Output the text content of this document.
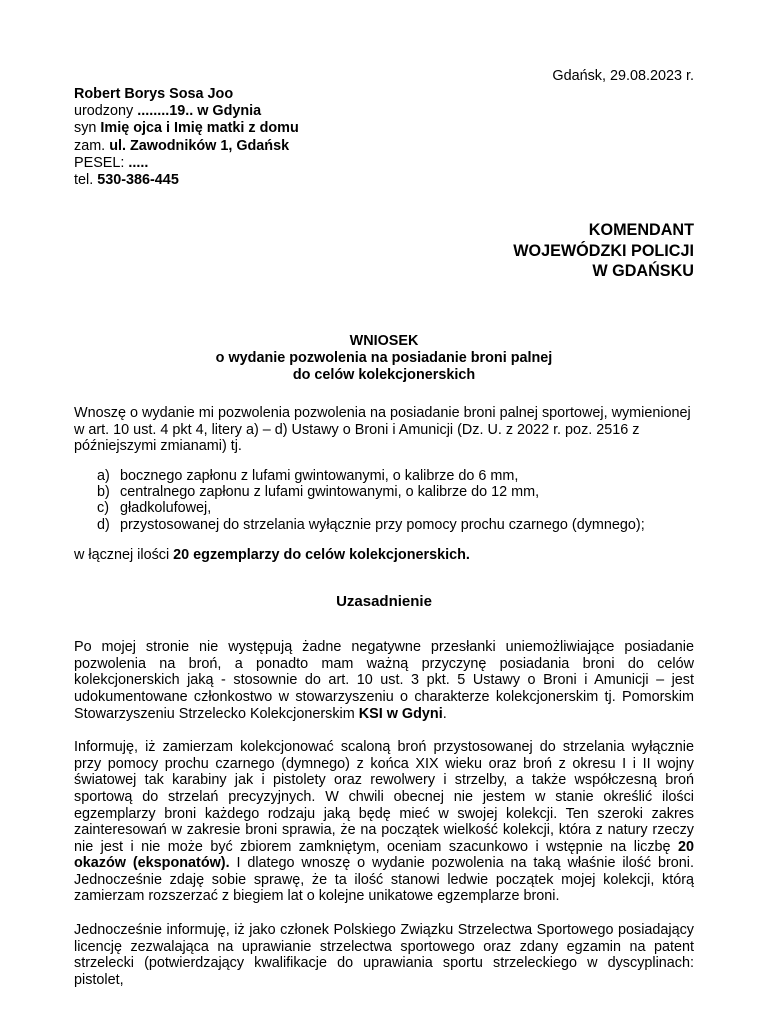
Gdańsk, 29.08.2023 r.
Robert Borys Sosa Joo
urodzony ........19.. w Gdynia
syn Imię ojca i Imię matki z domu
zam. ul. Zawodników 1, Gdańsk
PESEL: .....
tel. 530-386-445
KOMENDANT
WOJEWÓDZKI POLICJI
W GDAŃSKU
WNIOSEK
o wydanie pozwolenia na posiadanie broni palnej
do celów kolekcjonerskich

Wnoszę o wydanie mi pozwolenia pozwolenia na posiadanie broni palnej sportowej, wymienionej w art. 10 ust. 4 pkt 4, litery a) – d) Ustawy o Broni i Amunicji (Dz. U. z 2022 r. poz. 2516 z późniejszymi zmianami) tj.

a) bocznego zapłonu z lufami gwintowanymi, o kalibrze do 6 mm,
b) centralnego zapłonu z lufami gwintowanymi, o kalibrze do 12 mm,
c) gładkolufowej,
d) przystosowanej do strzelania wyłącznie przy pomocy prochu czarnego (dymnego);

w łącznej ilości 20 egzemplarzy do celów kolekcjonerskich.

Uzasadnienie

Po mojej stronie nie występują żadne negatywne przesłanki uniemożliwiające posiadanie pozwolenia na broń, a ponadto mam ważną przyczynę posiadania broni do celów kolekcjonerskich jaką - stosownie do art. 10 ust. 3 pkt. 5 Ustawy o Broni i Amunicji – jest udokumentowane członkostwo w stowarzyszeniu o charakterze kolekcjonerskim tj. Pomorskim Stowarzyszeniu Strzelecko Kolekcjonerskim KSI w Gdyni.

Informuję, iż zamierzam kolekcjonować scaloną broń przystosowanej do strzelania wyłącznie przy pomocy prochu czarnego (dymnego) z końca XIX wieku oraz broń z okresu I i II wojny światowej tak karabiny jak i pistolety oraz rewolwery i strzelby, a także współczesną broń sportową do strzelań precyzyjnych. W chwili obecnej nie jestem w stanie określić ilości egzemplarzy broni każdego rodzaju jaką będę mieć w swojej kolekcji. Ten szeroki zakres zainteresowań w zakresie broni sprawia, że na początek wielkość kolekcji, która z natury rzeczy nie jest i nie może być zbiorem zamkniętym, oceniam szacunkowo i wstępnie na liczbę 20 okazów (eksponatów). I dlatego wnoszę o wydanie pozwolenia na taką właśnie ilość broni. Jednocześnie zdaję sobie sprawę, że ta ilość stanowi ledwie początek mojej kolekcji, którą zamierzam rozszerzać z biegiem lat o kolejne unikatowe egzemplarze broni.

Jednocześnie informuję, iż jako członek Polskiego Związku Strzelectwa Sportowego posiadający licencję zezwalająca na uprawianie strzelectwa sportowego oraz zdany egzamin na patent strzelecki (potwierdzający kwalifikacje do uprawiania sportu strzeleckiego w dyscyplinach: pistolet,
